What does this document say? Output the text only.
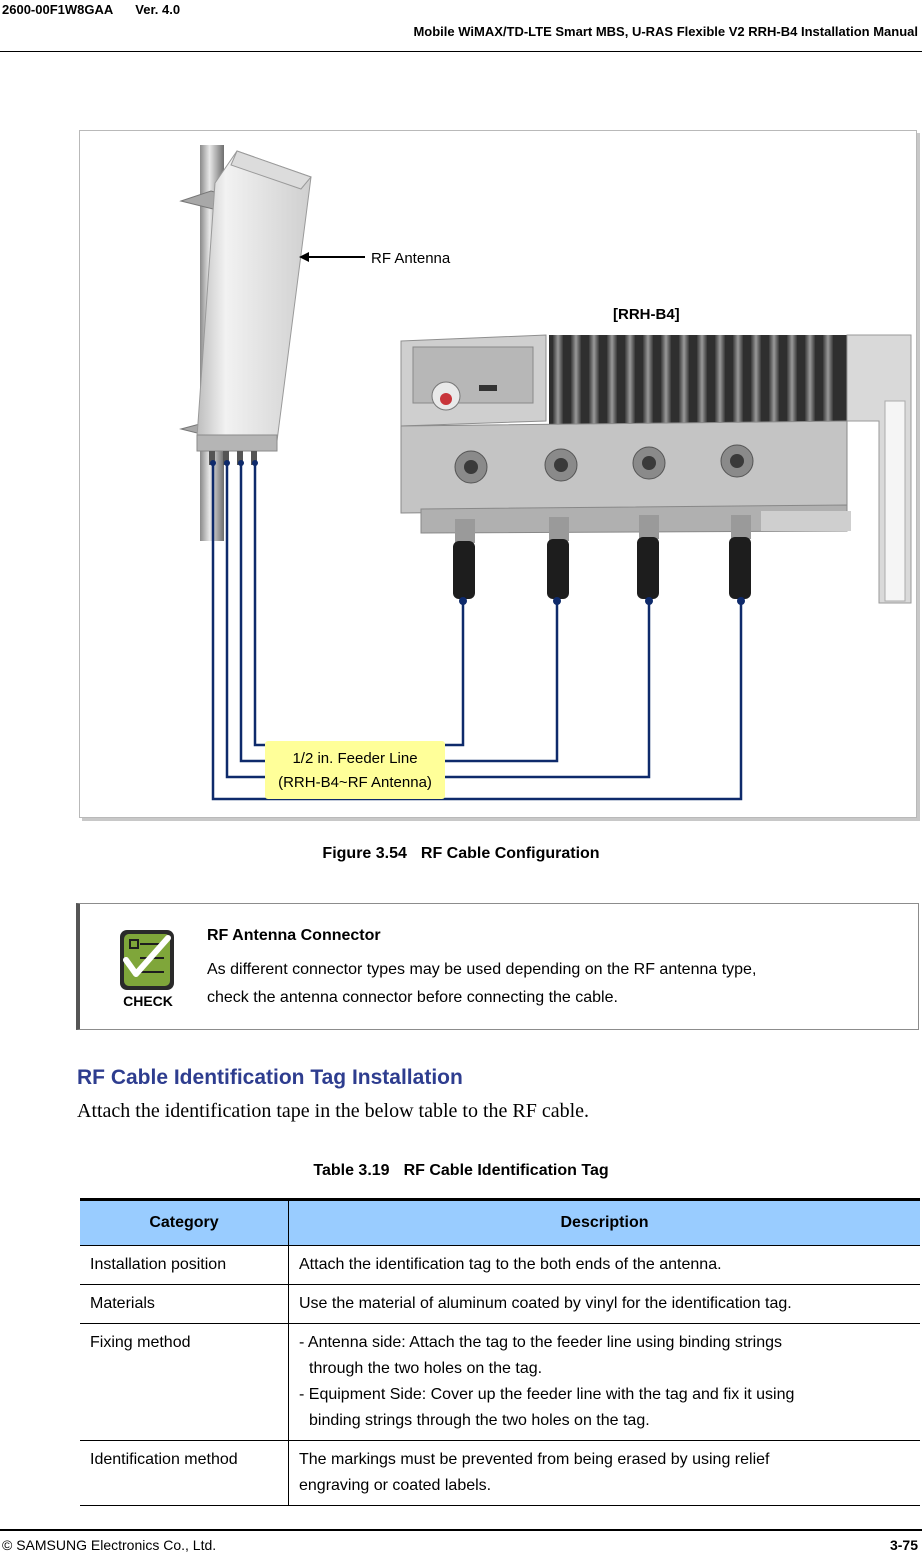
2600-00F1W8GAA Ver. 4.0
Mobile WiMAX/TD-LTE Smart MBS, U-RAS Flexible V2 RRH-B4 Installation Manual
RF Antenna
[RRH-B4]
1/2 in. Feeder Line
(RRH-B4~RF Antenna)
Figure 3.54 RF Cable Configuration
CHECK
RF Antenna Connector
As different connector types may be used depending on the RF antenna type,
check the antenna connector before connecting the cable.
RF Cable Identification Tag Installation
Attach the identification tape in the below table to the RF cable.
Table 3.19 RF Cable Identification Tag
Category	Description
Installation position	Attach the identification tag to the both ends of the antenna.

Materials	Use the material of aluminum coated by vinyl for the identification tag.

Fixing method	- Antenna side: Attach the tag to the feeder line using binding strings
through the two holes on the tag.
- Equipment Side: Cover up the feeder line with the tag and fix it using
binding strings through the two holes on the tag.

Identification method	The markings must be prevented from being erased by using relief
engraving or coated labels.
© SAMSUNG Electronics Co., Ltd.	3-75
